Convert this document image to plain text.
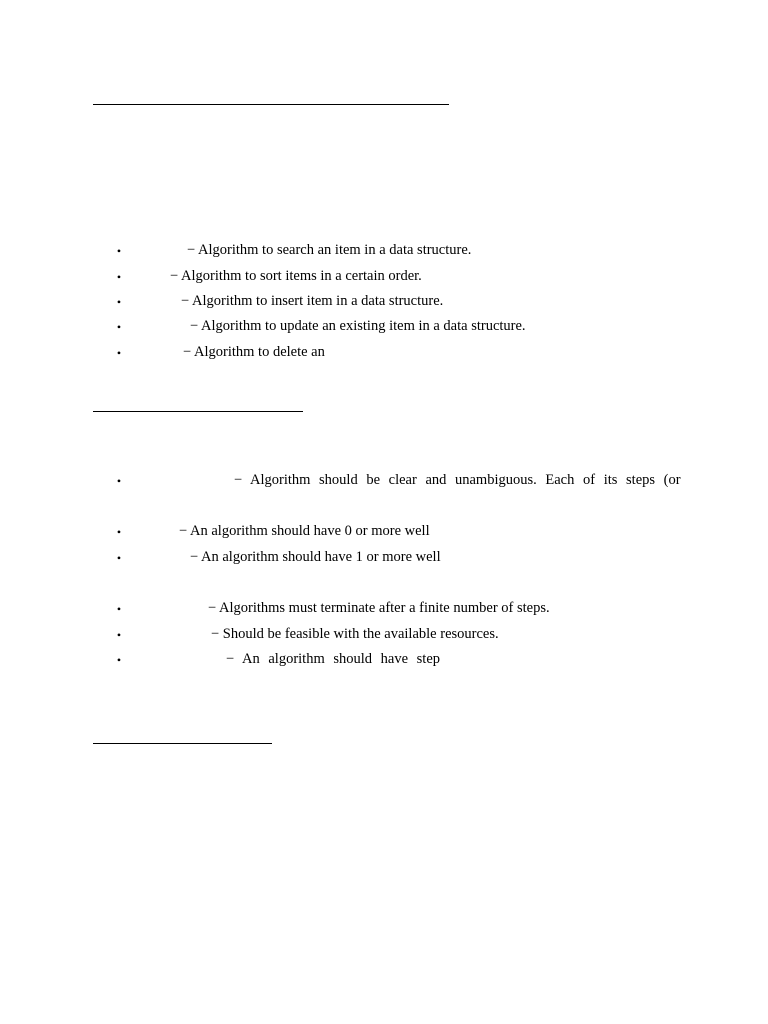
•	− Algorithm to search an item in a data structure.
•	− Algorithm to sort items in a certain order.
•	− Algorithm to insert item in a data structure.
•	− Algorithm to update an existing item in a data structure.
•	− Algorithm to delete an
•	− Algorithm should be clear and unambiguous. Each of its steps (or
•	− An algorithm should have 0 or more well
•	− An algorithm should have 1 or more well
•	− Algorithms must terminate after a finite number of steps.
•	− Should be feasible with the available resources.
•	− An algorithm should have step
